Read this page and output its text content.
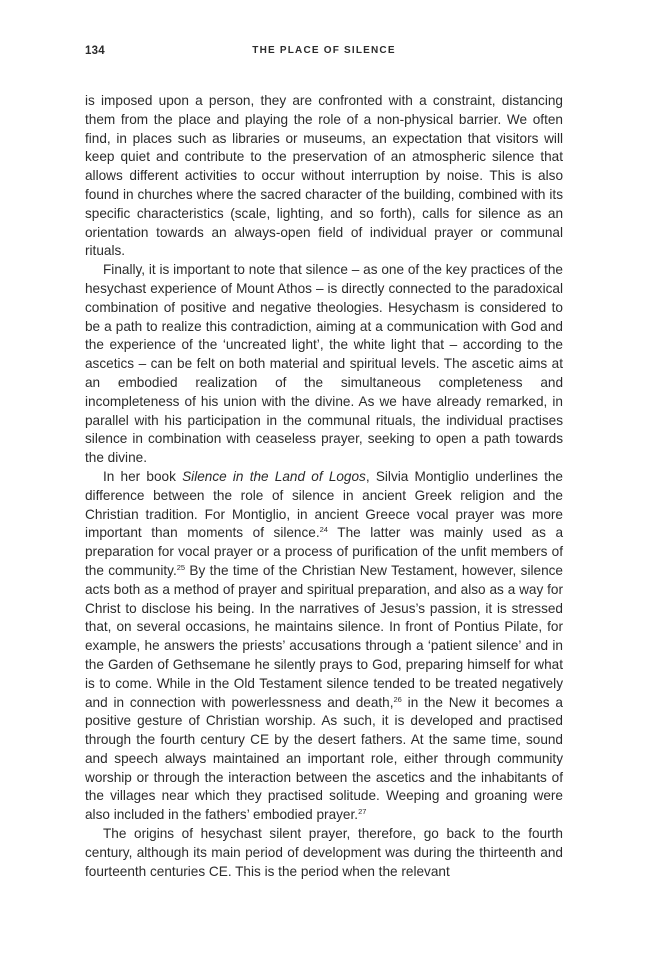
134	THE PLACE OF SILENCE

is imposed upon a person, they are confronted with a constraint, distancing them from the place and playing the role of a non-physical barrier. We often find, in places such as libraries or museums, an expectation that visitors will keep quiet and contribute to the preservation of an atmospheric silence that allows different activities to occur without interruption by noise. This is also found in churches where the sacred character of the building, combined with its specific characteristics (scale, lighting, and so forth), calls for silence as an orientation towards an always-open field of individual prayer or communal rituals.

Finally, it is important to note that silence – as one of the key practices of the hesychast experience of Mount Athos – is directly connected to the paradoxical combination of positive and negative theologies. Hesychasm is considered to be a path to realize this contradiction, aiming at a communication with God and the experience of the ‘uncreated light’, the white light that – according to the ascetics – can be felt on both material and spiritual levels. The ascetic aims at an embodied realization of the simultaneous completeness and incompleteness of his union with the divine. As we have already remarked, in parallel with his participation in the communal rituals, the individual practises silence in combination with ceaseless prayer, seeking to open a path towards the divine.

In her book Silence in the Land of Logos, Silvia Montiglio underlines the difference between the role of silence in ancient Greek religion and the Christian tradition. For Montiglio, in ancient Greece vocal prayer was more important than moments of silence.$^{24}$ The latter was mainly used as a preparation for vocal prayer or a process of purification of the unfit members of the community.$^{25}$ By the time of the Christian New Testament, however, silence acts both as a method of prayer and spiritual preparation, and also as a way for Christ to disclose his being. In the narratives of Jesus’s passion, it is stressed that, on several occasions, he maintains silence. In front of Pontius Pilate, for example, he answers the priests’ accusations through a ‘patient silence’ and in the Garden of Gethsemane he silently prays to God, preparing himself for what is to come. While in the Old Testament silence tended to be treated negatively and in connection with powerlessness and death,$^{26}$ in the New it becomes a positive gesture of Christian worship. As such, it is developed and practised through the fourth century CE by the desert fathers. At the same time, sound and speech always maintained an important role, either through community worship or through the interaction between the ascetics and the inhabitants of the villages near which they practised solitude. Weeping and groaning were also included in the fathers’ embodied prayer.$^{27}$

The origins of hesychast silent prayer, therefore, go back to the fourth century, although its main period of development was during the thirteenth and fourteenth centuries CE. This is the period when the relevant
